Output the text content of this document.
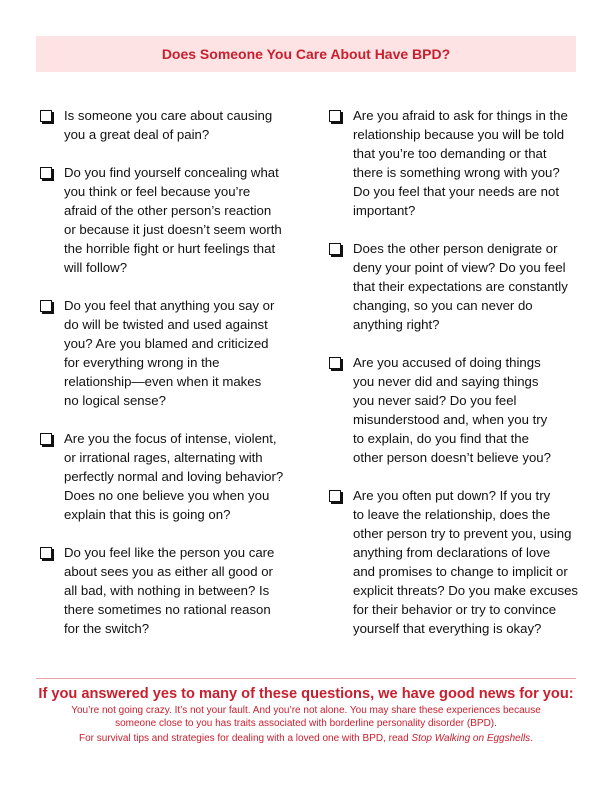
Does Someone You Care About Have BPD?
Is someone you care about causing
you a great deal of pain?
Do you find yourself concealing what
you think or feel because you’re
afraid of the other person’s reaction
or because it just doesn’t seem worth
the horrible fight or hurt feelings that
will follow?
Do you feel that anything you say or
do will be twisted and used against
you? Are you blamed and criticized
for everything wrong in the
relationship—even when it makes
no logical sense?
Are you the focus of intense, violent,
or irrational rages, alternating with
perfectly normal and loving behavior?
Does no one believe you when you
explain that this is going on?
Do you feel like the person you care
about sees you as either all good or
all bad, with nothing in between? Is
there sometimes no rational reason
for the switch?
Are you afraid to ask for things in the
relationship because you will be told
that you’re too demanding or that
there is something wrong with you?
Do you feel that your needs are not
important?
Does the other person denigrate or
deny your point of view? Do you feel
that their expectations are constantly
changing, so you can never do
anything right?
Are you accused of doing things
you never did and saying things
you never said? Do you feel
misunderstood and, when you try
to explain, do you find that the
other person doesn’t believe you?
Are you often put down? If you try
to leave the relationship, does the
other person try to prevent you, using
anything from declarations of love
and promises to change to implicit or
explicit threats? Do you make excuses
for their behavior or try to convince
yourself that everything is okay?
If you answered yes to many of these questions, we have good news for you:
You’re not going crazy. It’s not your fault. And you’re not alone. You may share these experiences because
someone close to you has traits associated with borderline personality disorder (BPD).
For survival tips and strategies for dealing with a loved one with BPD, read Stop Walking on Eggshells.
